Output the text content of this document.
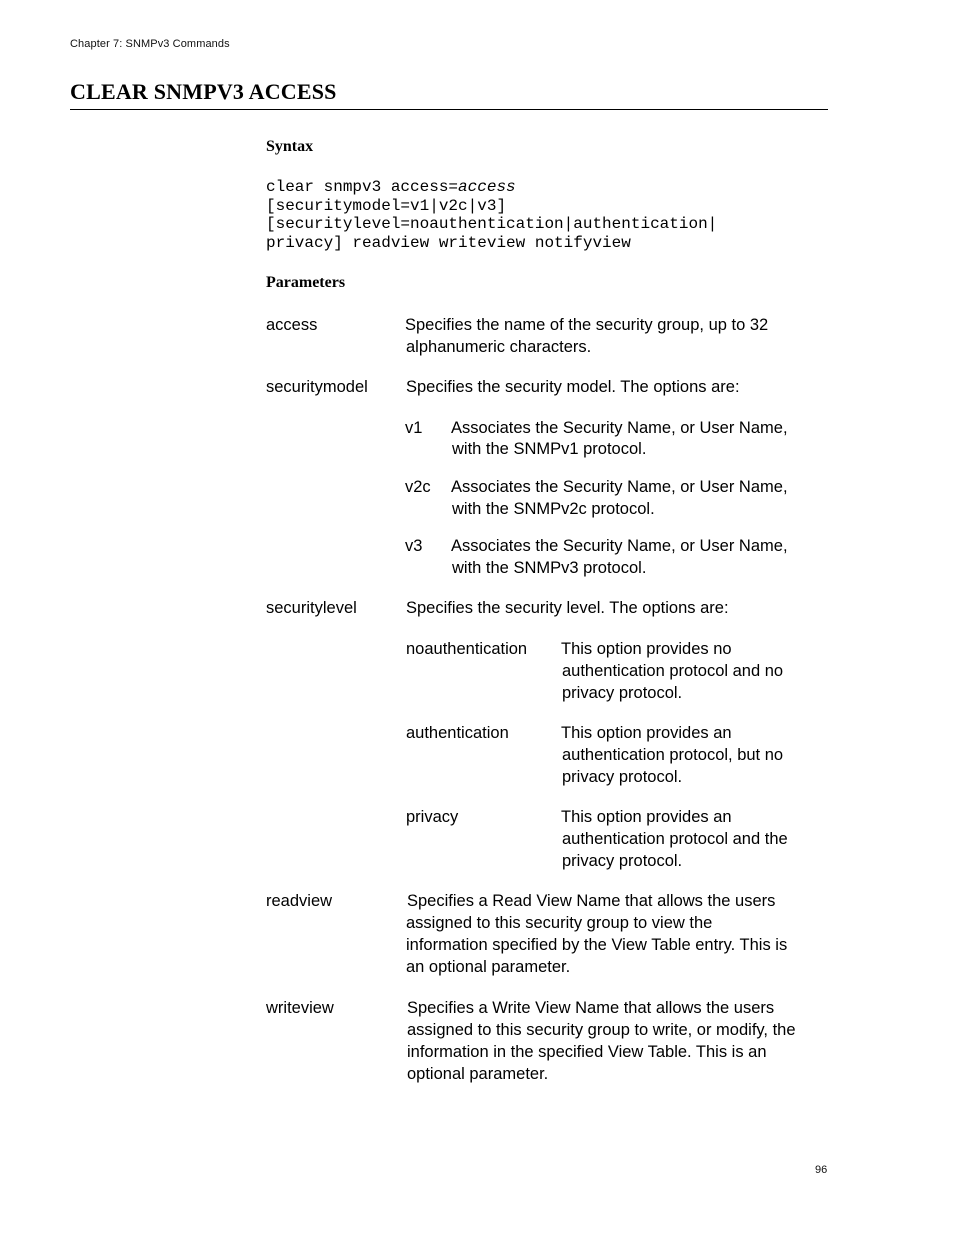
Chapter 7: SNMPv3 Commands
CLEAR SNMPV3 ACCESS
Syntax
clear snmpv3 access=access
[securitymodel=v1|v2c|v3]
[securitylevel=noauthentication|authentication|
privacy] readview writeview notifyview
Parameters
access	Specifies the name of the security group, up to 32
alphanumeric characters.
securitymodel Specifies the security model. The options are:
v1 Associates the Security Name, or User Name,
with the SNMPv1 protocol.
v2c Associates the Security Name, or User Name,
with the SNMPv2c protocol.
v3 Associates the Security Name, or User Name,
with the SNMPv3 protocol.
securitylevel	Specifies the security level. The options are:
noauthentication This option provides no
authentication protocol and no
privacy protocol.
authentication	This option provides an
authentication protocol, but no
privacy protocol.
privacy	This option provides an
authentication protocol and the
privacy protocol.
readview	Specifies a Read View Name that allows the users
assigned to this security group to view the
information specified by the View Table entry. This is
an optional parameter.
writeview	Specifies a Write View Name that allows the users
assigned to this security group to write, or modify, the
information in the specified View Table. This is an
optional parameter.
96
